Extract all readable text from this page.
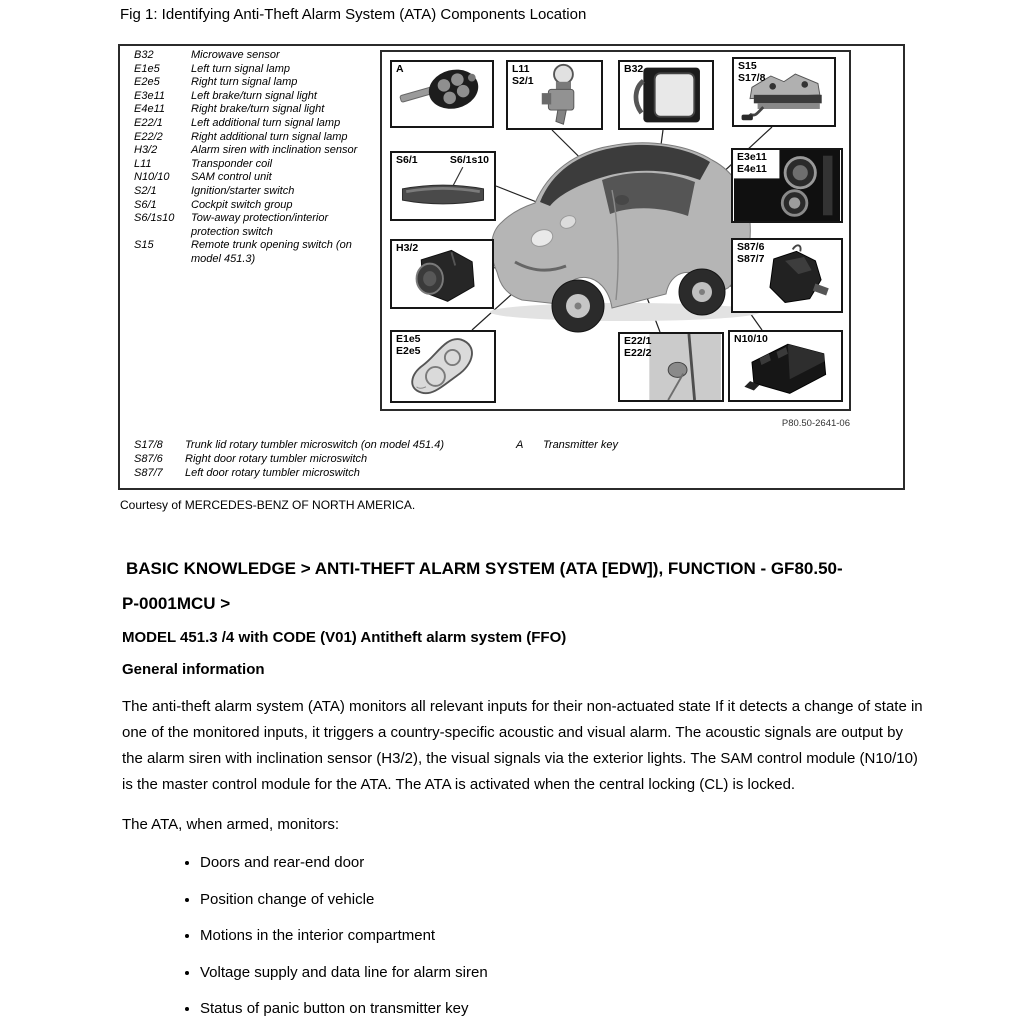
Fig 1: Identifying Anti-Theft Alarm System (ATA) Components Location
B32	Microwave sensor
E1e5	Left turn signal lamp
E2e5	Right turn signal lamp
E3e11	Left brake/turn signal light
E4e11	Right brake/turn signal light
E22/1	Left additional turn signal lamp
E22/2	Right additional turn signal lamp
H3/2	Alarm siren with inclination sensor
L11	Transponder coil
N10/10	SAM control unit
S2/1	Ignition/starter switch
S6/1	Cockpit switch group
S6/1s10	Tow-away protection/interior protection switch
S15	Remote trunk opening switch (on model 451.3)
A	L11
S2/1
B32	S15
S17/8
S6/1	S6/1s10	E3e11
E4e11
H3/2	S87/6
S87/7
E1e5
E2e5
E22/1
E22/2
N10/10
P80.50-2641-06
S17/8	Trunk lid rotary tumbler microswitch (on model 451.4)
S87/6	Right door rotary tumbler microswitch
S87/7	Left door rotary tumbler microswitch
A	Transmitter key
Courtesy of MERCEDES-BENZ OF NORTH AMERICA.
BASIC KNOWLEDGE > ANTI-THEFT ALARM SYSTEM (ATA [EDW]), FUNCTION - GF80.50-
P-0001MCU >
MODEL 451.3 /4 with CODE (V01) Antitheft alarm system (FFO)
General information
The anti-theft alarm system (ATA) monitors all relevant inputs for their non-actuated state If it detects a change of state in one of the monitored inputs, it triggers a country-specific acoustic and visual alarm. The acoustic signals are output by the alarm siren with inclination sensor (H3/2), the visual signals via the exterior lights. The SAM control module (N10/10) is the master control module for the ATA. The ATA is activated when the central locking (CL) is locked.
The ATA, when armed, monitors:
• Doors and rear-end door
• Position change of vehicle
• Motions in the interior compartment
• Voltage supply and data line for alarm siren
• Status of panic button on transmitter key
